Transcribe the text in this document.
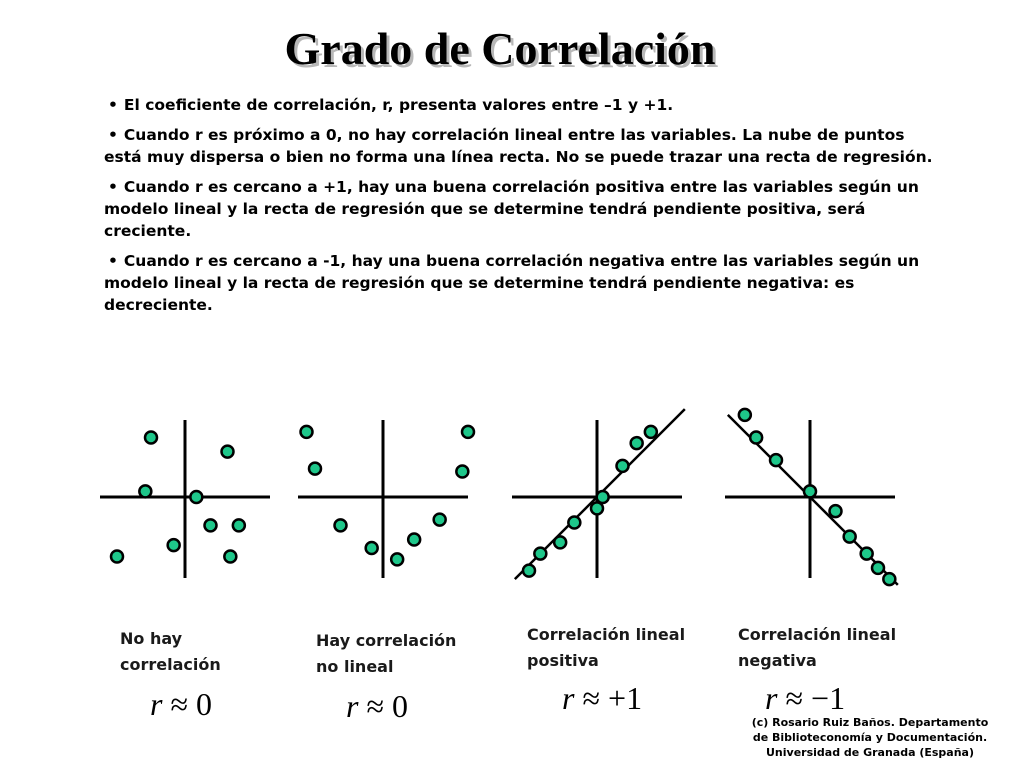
Grado de Correlación

• El coeficiente de correlación, r, presenta valores entre –1 y +1.

• Cuando r es próximo a 0, no hay correlación lineal entre las variables. La nube de puntos está muy dispersa o bien no forma una línea recta. No se puede trazar una recta de regresión.

• Cuando r es cercano a +1, hay una buena correlación positiva entre las variables según un modelo lineal y la recta de regresión que se determine tendrá pendiente positiva, será creciente.

• Cuando r es cercano a -1, hay una buena correlación negativa entre las variables según un modelo lineal y la recta de regresión que se determine tendrá pendiente negativa: es decreciente.

No hay
correlación
Hay correlación
no lineal
Correlación lineal
positiva
Correlación lineal
negativa
r ≈ 0	r ≈ 0	r ≈ +1	r ≈ −1
(c) Rosario Ruiz Baños. Departamento
de Biblioteconomía y Documentación.
Universidad de Granada (España)
